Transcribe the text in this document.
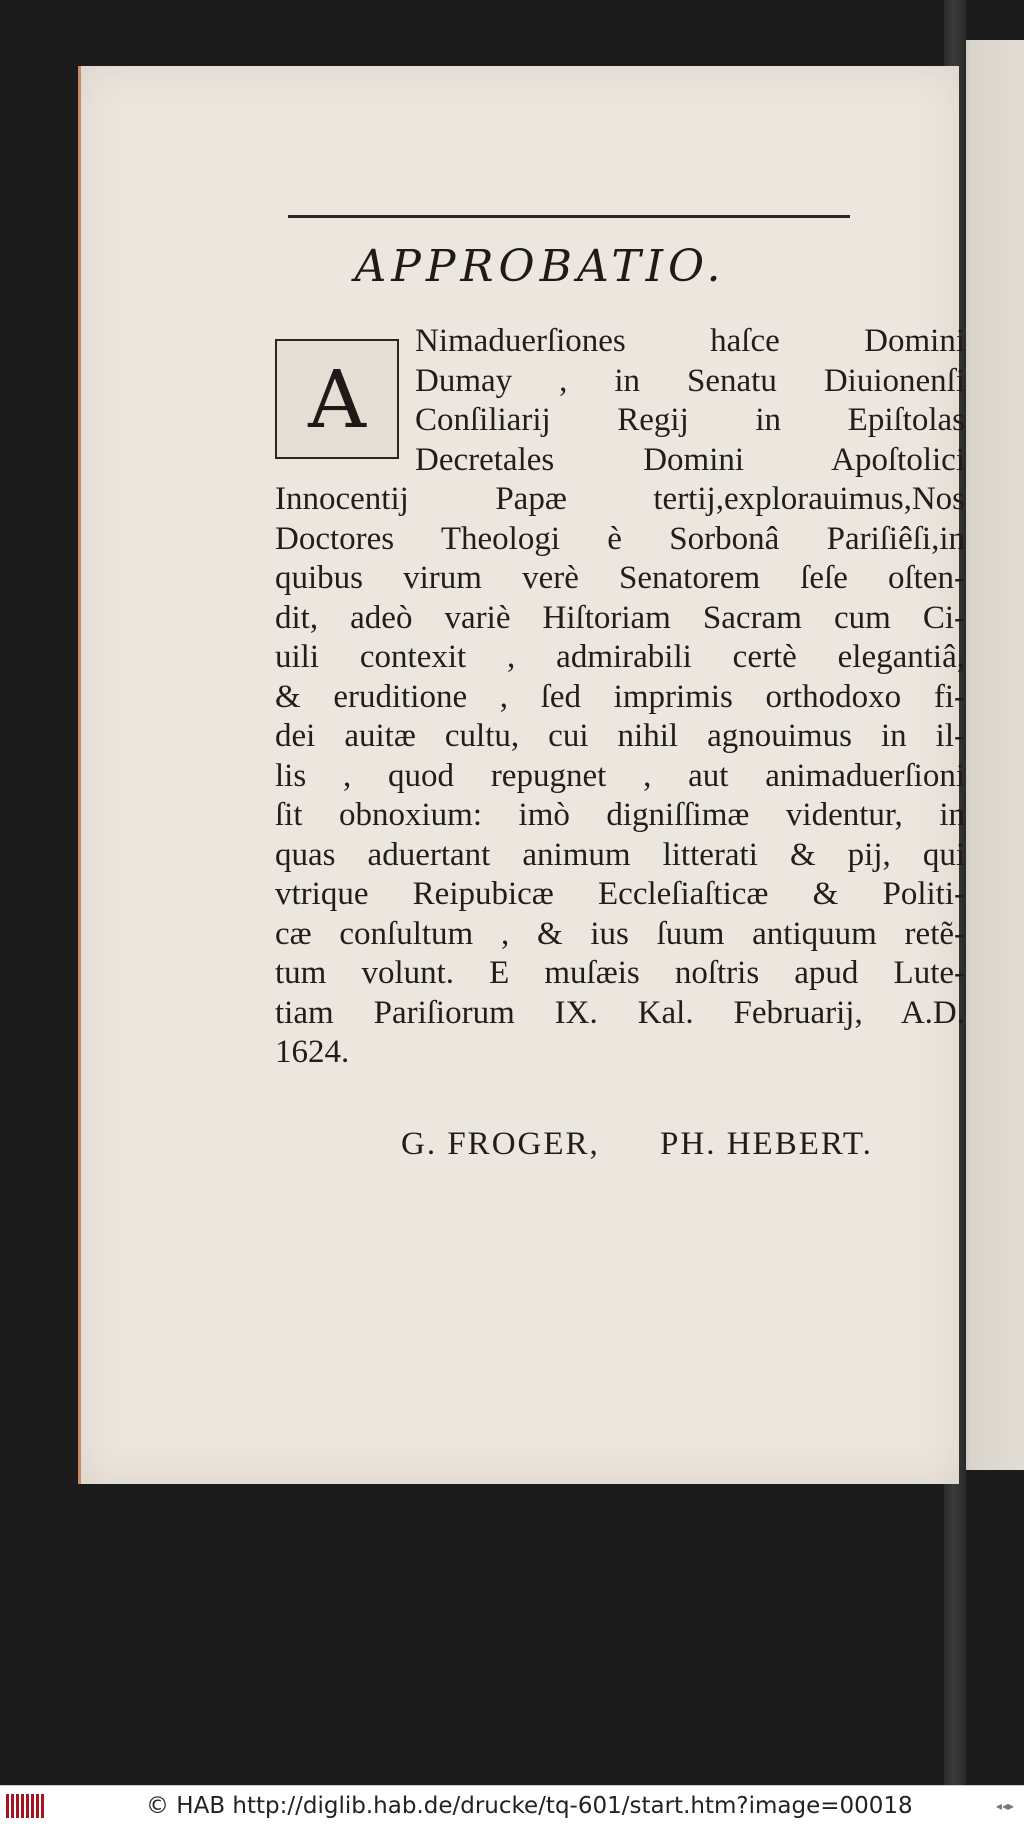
APPROBATIO.
A
Nimaduerſiones haſce Domini
Dumay , in Senatu Diuionenſi
Conſiliarij Regij in Epiſtolas
Decretales Domini Apoſtolici
Innocentij Papæ tertij,explorauimus,Nos
Doctores Theologi è Sorbonâ Pariſiêſi,in
quibus virum verè Senatorem ſeſe oſten-
dit, adeò variè Hiſtoriam Sacram cum Ci-
uili contexit , admirabili certè elegantiâ,
& eruditione , ſed imprimis orthodoxo fi-
dei auitæ cultu, cui nihil agnouimus in il-
lis , quod repugnet , aut animaduerſioni
ſit obnoxium: imò digniſſimæ videntur, in
quas aduertant animum litterati & pij, qui
vtrique Reipubicæ Eccleſiaſticæ & Politi-
cæ conſultum , & ius ſuum antiquum retẽ-
tum volunt. E muſæis noſtris apud Lute-
tiam Pariſiorum IX. Kal. Februarij, A.D.
1624.
G. FROGER, PH. HEBERT.
© HAB http://diglib.hab.de/drucke/tq-601/start.htm?image=00018	◂◂▸
